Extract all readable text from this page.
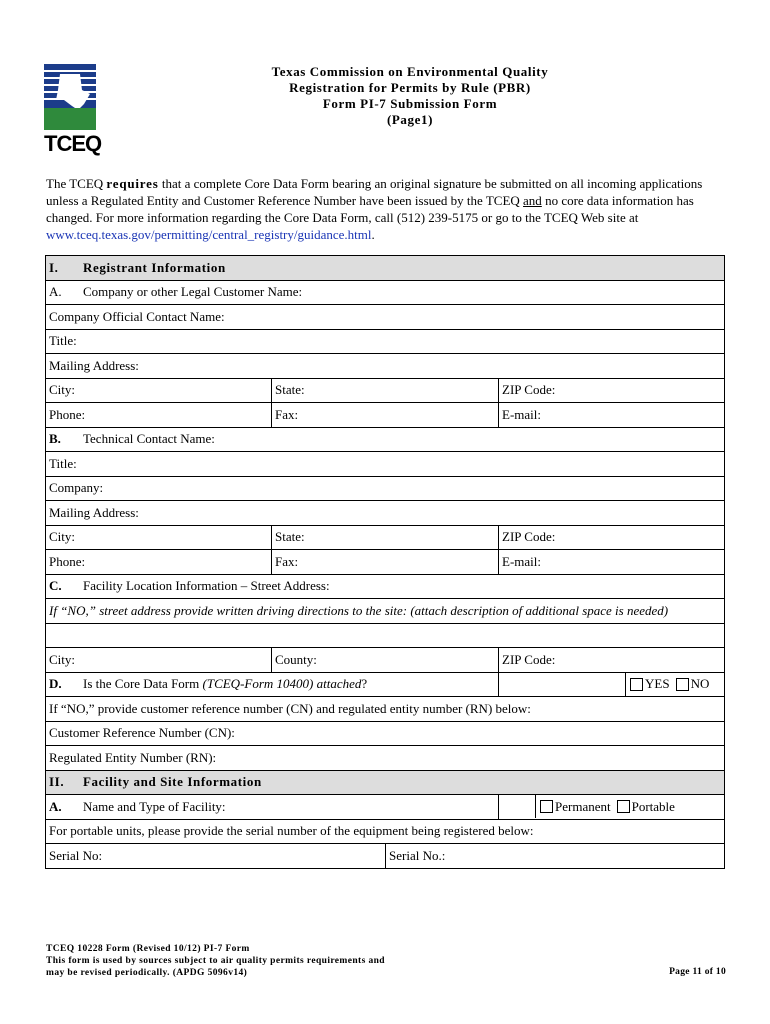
TCEQ
Texas Commission on Environmental Quality
Registration for Permits by Rule (PBR)
Form PI-7 Submission Form
(Page1)
The TCEQ requires that a complete Core Data Form bearing an original signature be submitted on all incoming applications unless a Regulated Entity and Customer Reference Number have been issued by the TCEQ and no core data information has changed. For more information regarding the Core Data Form, call (512) 239-5175 or go to the TCEQ Web site at www.tceq.texas.gov/permitting/central_registry/guidance.html.
I. Registrant Information			
A. Company or other Legal Customer Name:			
Company Official Contact Name:			
Title:			
Mailing Address:			
City:	State:		ZIP Code:
Phone:	Fax:		E-mail:
B. Technical Contact Name:			
Title:			
Company:			
Mailing Address:			
City:	State:		ZIP Code:
Phone:	Fax:		E-mail:
C. Facility Location Information – Street Address:			
If “NO,” street address provide written driving directions to the site: (attach description of additional space is needed)			

City:	County:		ZIP Code:
D. Is the Core Data Form (TCEQ-Form 10400) attached?			YES NO

If “NO,” provide customer reference number (CN) and regulated entity number (RN) below:			
Customer Reference Number (CN):			
Regulated Entity Number (RN):			
II. Facility and Site Information			
A. Name and Type of Facility:			Permanent Portable

For portable units, please provide the serial number of the equipment being registered below:			
Serial No:		Serial No.:	
TCEQ 10228 Form (Revised 10/12) PI-7 Form
This form is used by sources subject to air quality permits requirements and
may be revised periodically. (APDG 5096v14)	Page 11 of 10
